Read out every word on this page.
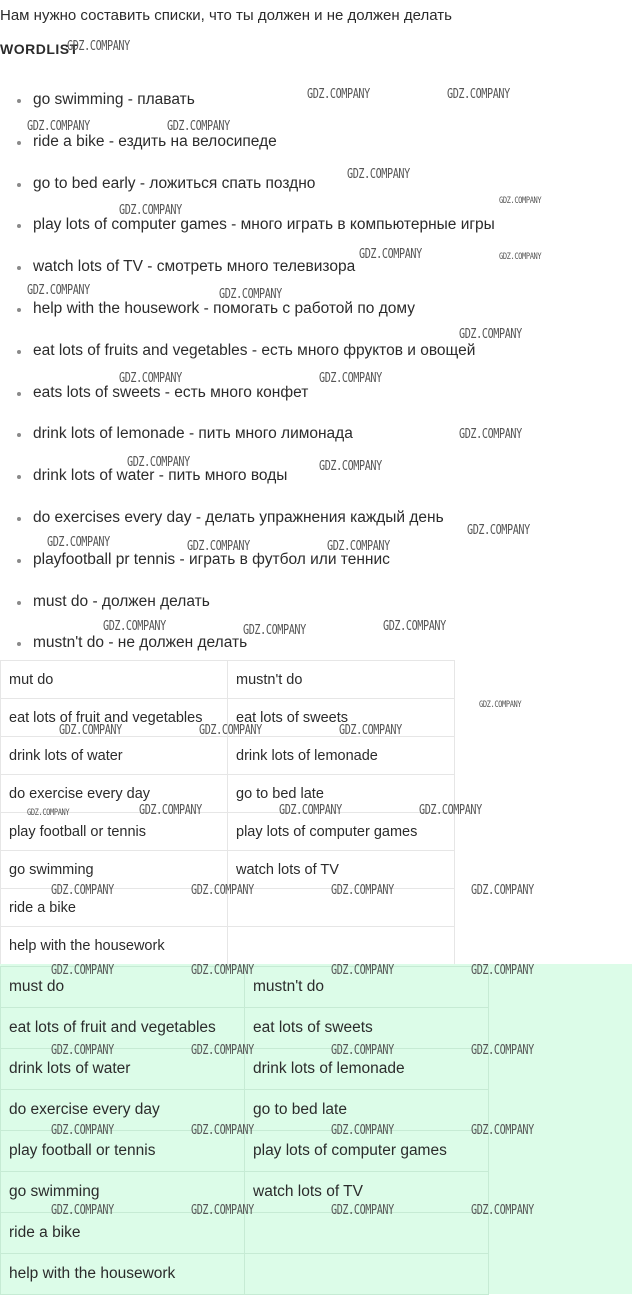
Нам нужно составить списки, что ты должен и не должен делать
WORDLIST
go swimming - плавать
ride a bike - ездить на велосипеде
go to bed early - ложиться спать поздно
play lots of computer games - много играть в компьютерные игры
watch lots of TV - смотреть много телевизора
help with the housework - помогать с работой по дому
eat lots of fruits and vegetables - есть много фруктов и овощей
eats lots of sweets - есть много конфет
drink lots of lemonade - пить много лимонада
drink lots of water - пить много воды
do exercises every day - делать упражнения каждый день
playfootball pr tennis - играть в футбол или теннис
must do - должен делать
mustn't do - не должен делать
mut do	mustn't do
eat lots of fruit and vegetables	eat lots of sweets
drink lots of water	drink lots of lemonade
do exercise every day	go to bed late
play football or tennis	play lots of computer games
go swimming	watch lots of TV
ride a bike	
help with the housework	
must do	mustn't do
eat lots of fruit and vegetables	eat lots of sweets
drink lots of water	drink lots of lemonade
do exercise every day	go to bed late
play football or tennis	play lots of computer games
go swimming	watch lots of TV
ride a bike	
help with the housework	
GDZ.COMPANY
GDZ.COMPANY	GDZ.COMPANY
GDZ.COMPANY	GDZ.COMPANY
GDZ.COMPANY
GDZ.COMPANY
GDZ.COMPANY
GDZ.COMPANY	GDZ.COMPANY
GDZ.COMPANY	GDZ.COMPANY
GDZ.COMPANY
GDZ.COMPANY	GDZ.COMPANY
GDZ.COMPANY
GDZ.COMPANY	GDZ.COMPANY
GDZ.COMPANY
GDZ.COMPANY	GDZ.COMPANY	GDZ.COMPANY
GDZ.COMPANY	GDZ.COMPANY	GDZ.COMPANY
GDZ.COMPANY
GDZ.COMPANY	GDZ.COMPANY	GDZ.COMPANY
GDZ.COMPANY	GDZ.COMPANY	GDZ.COMPANY	GDZ.COMPANY
GDZ.COMPANY	GDZ.COMPANY	GDZ.COMPANY	GDZ.COMPANY
GDZ.COMPANY	GDZ.COMPANY	GDZ.COMPANY	GDZ.COMPANY
GDZ.COMPANY	GDZ.COMPANY	GDZ.COMPANY	GDZ.COMPANY
GDZ.COMPANY	GDZ.COMPANY	GDZ.COMPANY	GDZ.COMPANY
GDZ.COMPANY	GDZ.COMPANY	GDZ.COMPANY	GDZ.COMPANY
